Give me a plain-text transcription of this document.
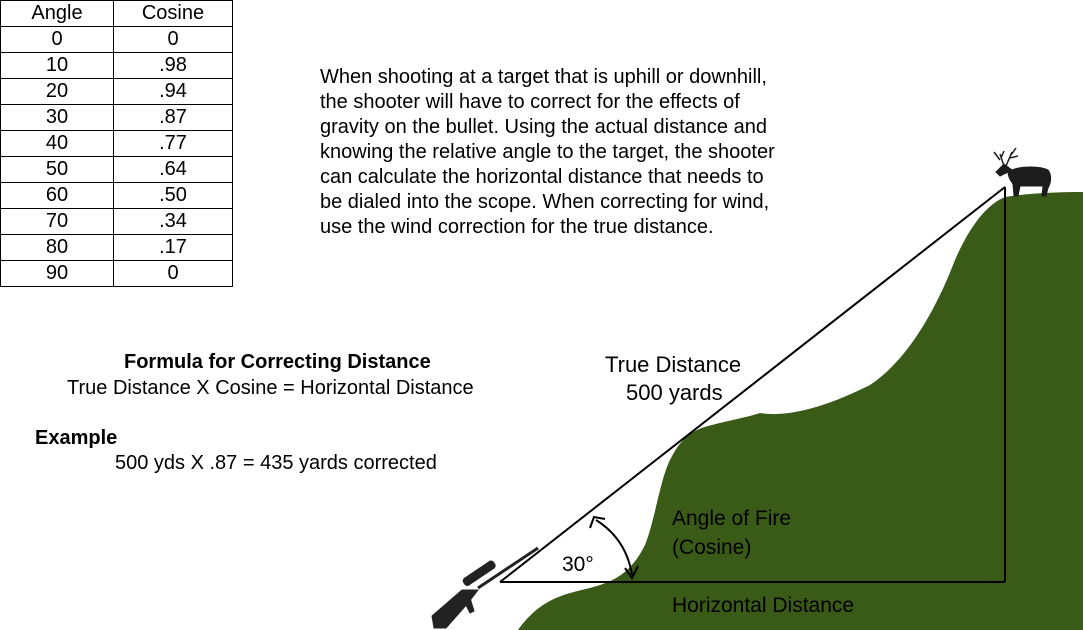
Angle	Cosine
0	0
10	.98
20	.94
30	.87
40	.77
50	.64
60	.50
70	.34
80	.17
90	0
When shooting at a target that is uphill or downhill,
the shooter will have to correct for the effects of
gravity on the bullet. Using the actual distance and
knowing the relative angle to the target, the shooter
can calculate the horizontal distance that needs to
be dialed into the scope. When correcting for wind,
use the wind correction for the true distance.
Formula for Correcting Distance
True Distance X Cosine = Horizontal Distance
Example
500 yds X .87 = 435 yards corrected
True Distance
500 yards
Angle of Fire
(Cosine)
30°
Horizontal Distance
